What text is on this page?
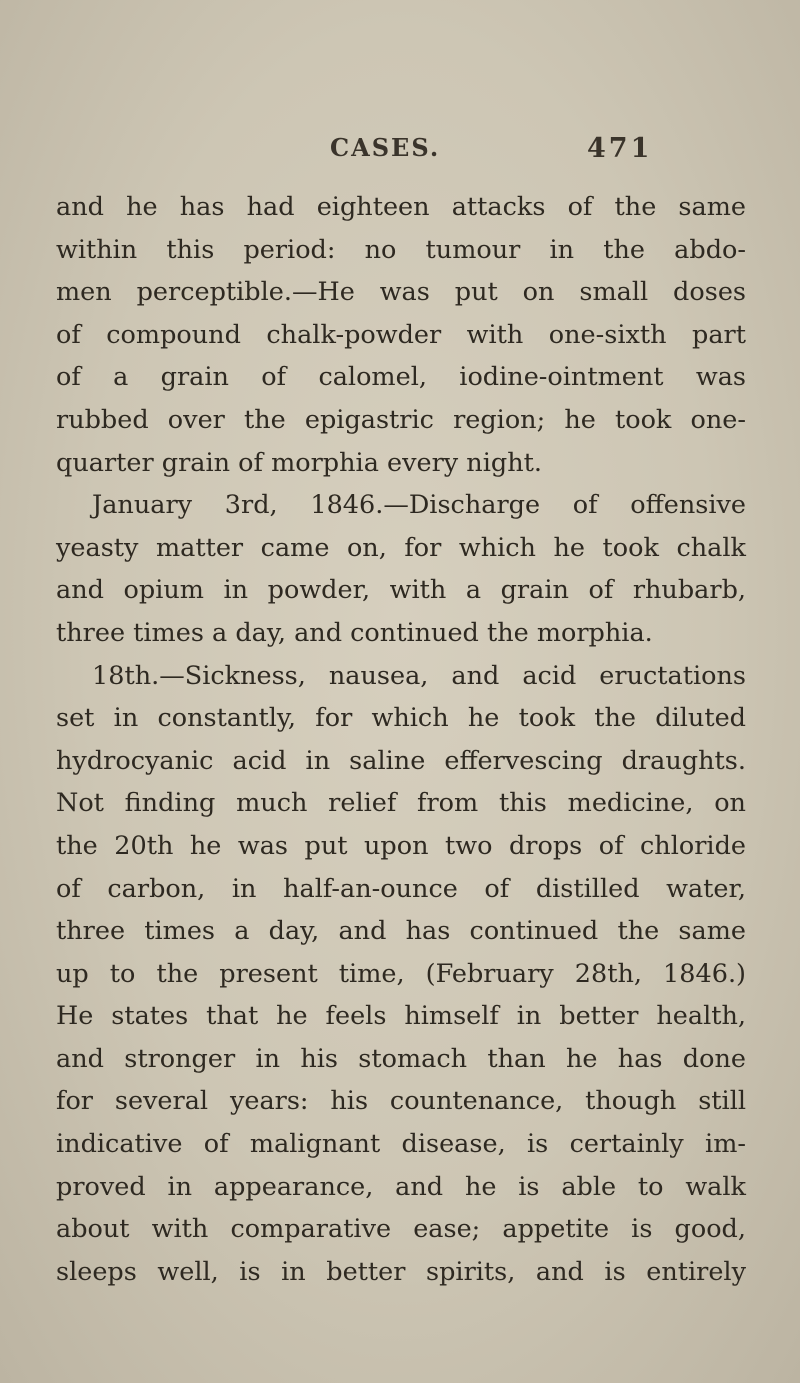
CASES.	471
and he has had eighteen attacks of the same
within this period: no tumour in the abdo-
men perceptible.—He was put on small doses
of compound chalk-powder with one-sixth part
of a grain of calomel, iodine-ointment was
rubbed over the epigastric region; he took one-
quarter grain of morphia every night.
January 3rd, 1846.—Discharge of offensive
yeasty matter came on, for which he took chalk
and opium in powder, with a grain of rhubarb,
three times a day, and continued the morphia.
18th.—Sickness, nausea, and acid eructations
set in constantly, for which he took the diluted
hydrocyanic acid in saline effervescing draughts.
Not finding much relief from this medicine, on
the 20th he was put upon two drops of chloride
of carbon, in half-an-ounce of distilled water,
three times a day, and has continued the same
up to the present time, (February 28th, 1846.)
He states that he feels himself in better health,
and stronger in his stomach than he has done
for several years: his countenance, though still
indicative of malignant disease, is certainly im-
proved in appearance, and he is able to walk
about with comparative ease; appetite is good,
sleeps well, is in better spirits, and is entirely
